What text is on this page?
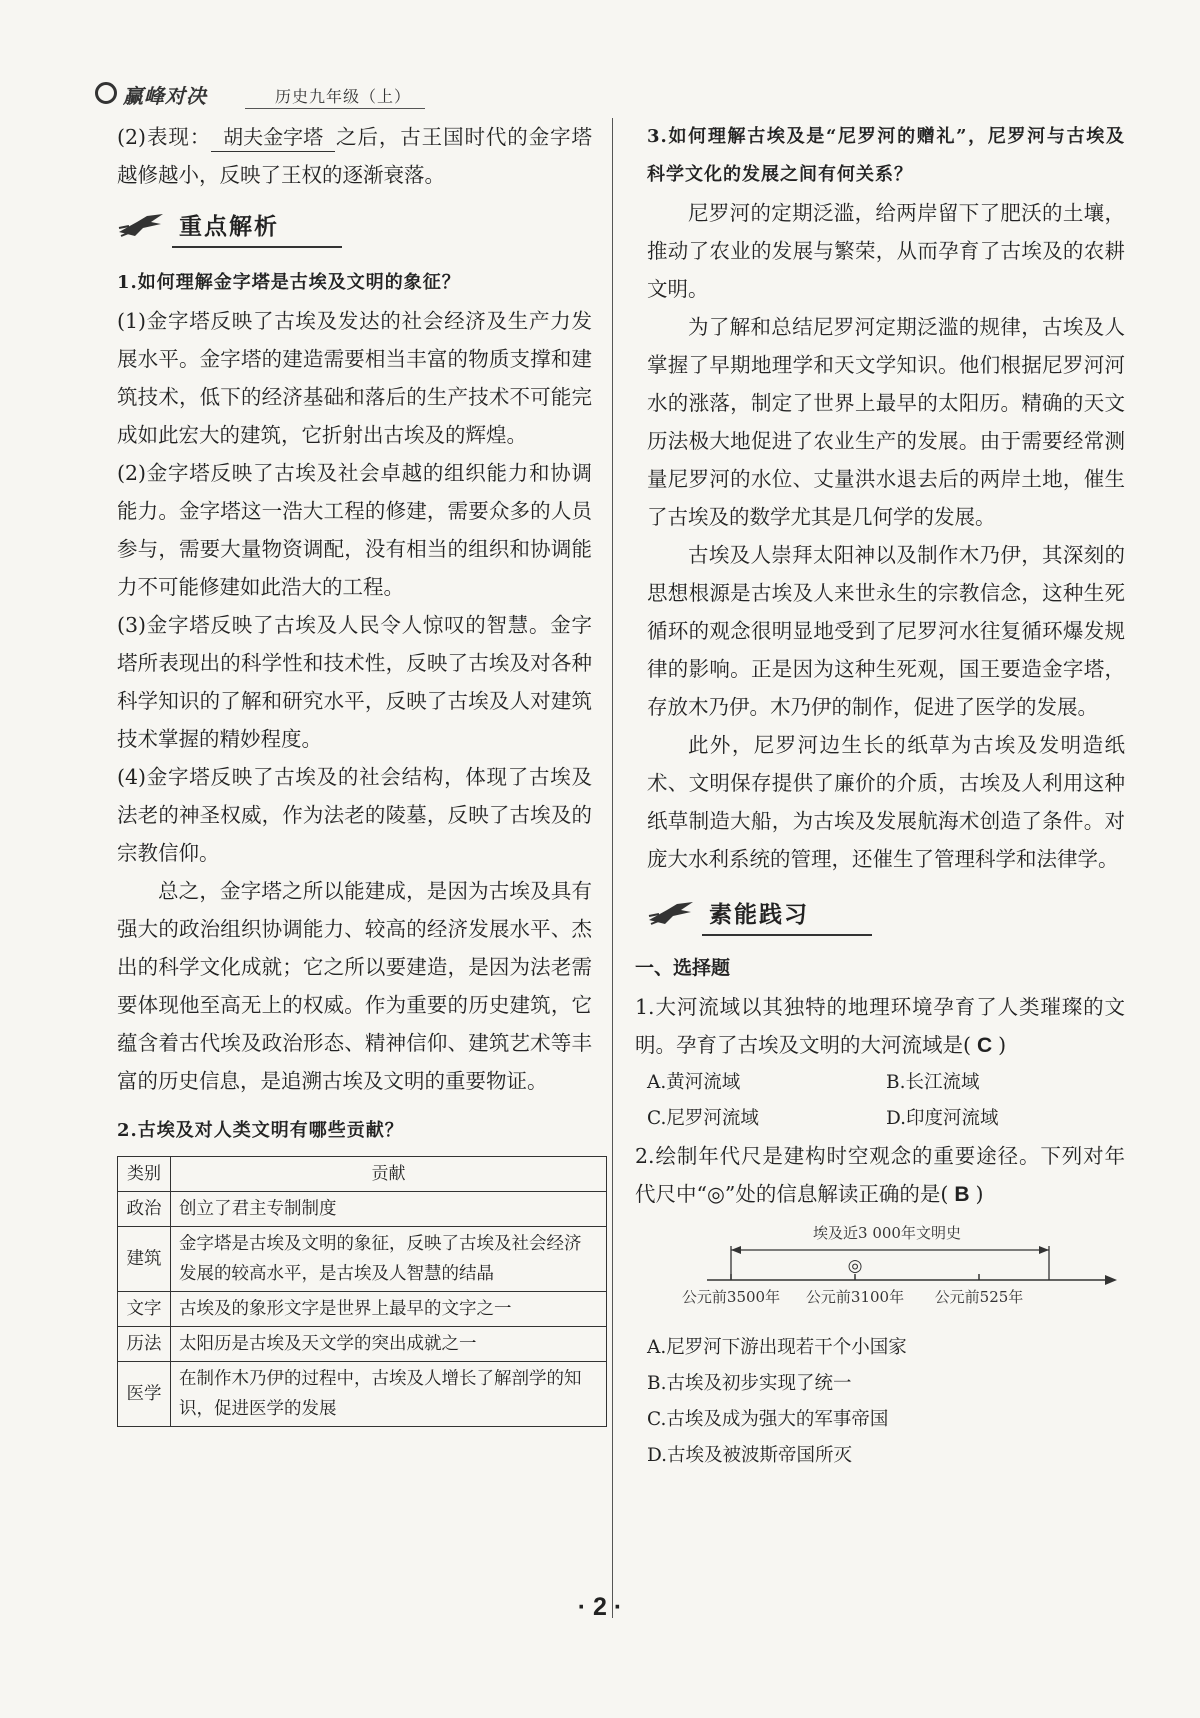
赢峰对决	历史九年级（上）

(2)表现： 胡夫金字塔 之后，古王国时代的金字塔越修越小，反映了王权的逐渐衰落。

重点解析

1.如何理解金字塔是古埃及文明的象征？

(1)金字塔反映了古埃及发达的社会经济及生产力发展水平。金字塔的建造需要相当丰富的物质支撑和建筑技术，低下的经济基础和落后的生产技术不可能完成如此宏大的建筑，它折射出古埃及的辉煌。

(2)金字塔反映了古埃及社会卓越的组织能力和协调能力。金字塔这一浩大工程的修建，需要众多的人员参与，需要大量物资调配，没有相当的组织和协调能力不可能修建如此浩大的工程。

(3)金字塔反映了古埃及人民令人惊叹的智慧。金字塔所表现出的科学性和技术性，反映了古埃及对各种科学知识的了解和研究水平，反映了古埃及人对建筑技术掌握的精妙程度。

(4)金字塔反映了古埃及的社会结构，体现了古埃及法老的神圣权威，作为法老的陵墓，反映了古埃及的宗教信仰。

总之，金字塔之所以能建成，是因为古埃及具有强大的政治组织协调能力、较高的经济发展水平、杰出的科学文化成就；它之所以要建造，是因为法老需要体现他至高无上的权威。作为重要的历史建筑，它蕴含着古代埃及政治形态、精神信仰、建筑艺术等丰富的历史信息，是追溯古埃及文明的重要物证。

2.古埃及对人类文明有哪些贡献？

类别	贡献
政治	创立了君主专制制度
建筑	金字塔是古埃及文明的象征，反映了古埃及社会经济发展的较高水平，是古埃及人智慧的结晶
文字	古埃及的象形文字是世界上最早的文字之一
历法	太阳历是古埃及天文学的突出成就之一
医学	在制作木乃伊的过程中，古埃及人增长了解剖学的知识，促进医学的发展

3.如何理解古埃及是“尼罗河的赠礼”，尼罗河与古埃及科学文化的发展之间有何关系？

尼罗河的定期泛滥，给两岸留下了肥沃的土壤，推动了农业的发展与繁荣，从而孕育了古埃及的农耕文明。

为了解和总结尼罗河定期泛滥的规律，古埃及人掌握了早期地理学和天文学知识。他们根据尼罗河河水的涨落，制定了世界上最早的太阳历。精确的天文历法极大地促进了农业生产的发展。由于需要经常测量尼罗河的水位、丈量洪水退去后的两岸土地，催生了古埃及的数学尤其是几何学的发展。

古埃及人崇拜太阳神以及制作木乃伊，其深刻的思想根源是古埃及人来世永生的宗教信念，这种生死循环的观念很明显地受到了尼罗河水往复循环爆发规律的影响。正是因为这种生死观，国王要造金字塔，存放木乃伊。木乃伊的制作，促进了医学的发展。

此外，尼罗河边生长的纸草为古埃及发明造纸术、文明保存提供了廉价的介质，古埃及人利用这种纸草制造大船，为古埃及发展航海术创造了条件。对庞大水利系统的管理，还催生了管理科学和法律学。

素能践习

一、选择题

1.大河流域以其独特的地理环境孕育了人类璀璨的文明。孕育了古埃及文明的大河流域是( C )

A.黄河流域	B.长江流域
C.尼罗河流域	D.印度河流域

2.绘制年代尺是建构时空观念的重要途径。下列对年代尺中“◎”处的信息解读正确的是( B )

埃及近3 000年文明史
◎
公元前3500年 公元前3100年 公元前525年
A.尼罗河下游出现若干个小国家
B.古埃及初步实现了统一
C.古埃及成为强大的军事帝国
D.古埃及被波斯帝国所灭
· 2 ·
